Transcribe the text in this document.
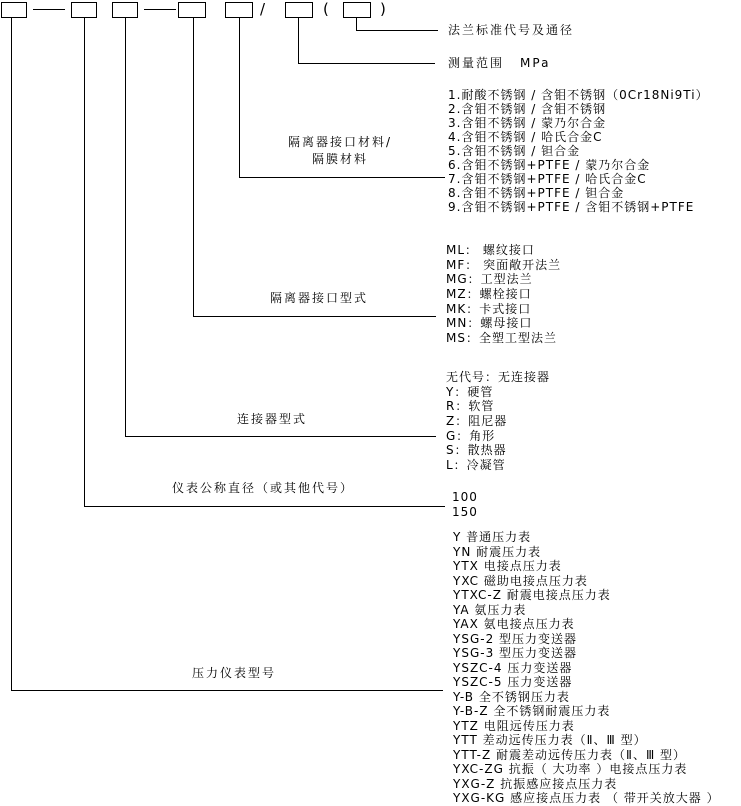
/	(	)
法兰标准代号及通径
测量范围 MPa
隔离器接口材料/
隔膜材料
隔离器接口型式
连接器型式
仪表公称直径（或其他代号）
压力仪表型号
1.耐酸不锈钢 / 含钼不锈钢（0Cr18Ni9Ti）
2.含钼不锈钢 / 含钼不锈钢
3.含钼不锈钢 / 蒙乃尔合金
4.含钼不锈钢 / 哈氏合金C
5.含钼不锈钢 / 钽合金
6.含钼不锈钢+PTFE / 蒙乃尔合金
7.含钼不锈钢+PTFE / 哈氏合金C
8.含钼不锈钢+PTFE / 钽合金
9.含钼不锈钢+PTFE / 含钼不锈钢+PTFE
ML： 螺纹接口
MF： 突面敞开法兰
MG：工型法兰
MZ：螺栓接口
MK：卡式接口
MN：螺母接口
MS：全塑工型法兰
无代号：无连接器
Y：硬管
R：软管
Z：阻尼器
G：角形
S：散热器
L：冷凝管
100
150
Y 普通压力表
YN 耐震压力表
YTX 电接点压力表
YXC 磁助电接点压力表
YTXC-Z 耐震电接点压力表
YA 氨压力表
YAX 氨电接点压力表
YSG-2 型压力变送器
YSG-3 型压力变送器
YSZC-4 压力变送器
YSZC-5 压力变送器
Y-B 全不锈钢压力表
Y-B-Z 全不锈钢耐震压力表
YTZ 电阻远传压力表
YTT 差动远传压力表（Ⅱ、Ⅲ 型）
YTT-Z 耐震差动远传压力表（Ⅱ、Ⅲ 型）
YXC-ZG 抗振（ 大功率 ）电接点压力表
YXG-Z 抗振感应接点压力表
YXG-KG 感应接点压力表 （ 带开关放大器 ）
